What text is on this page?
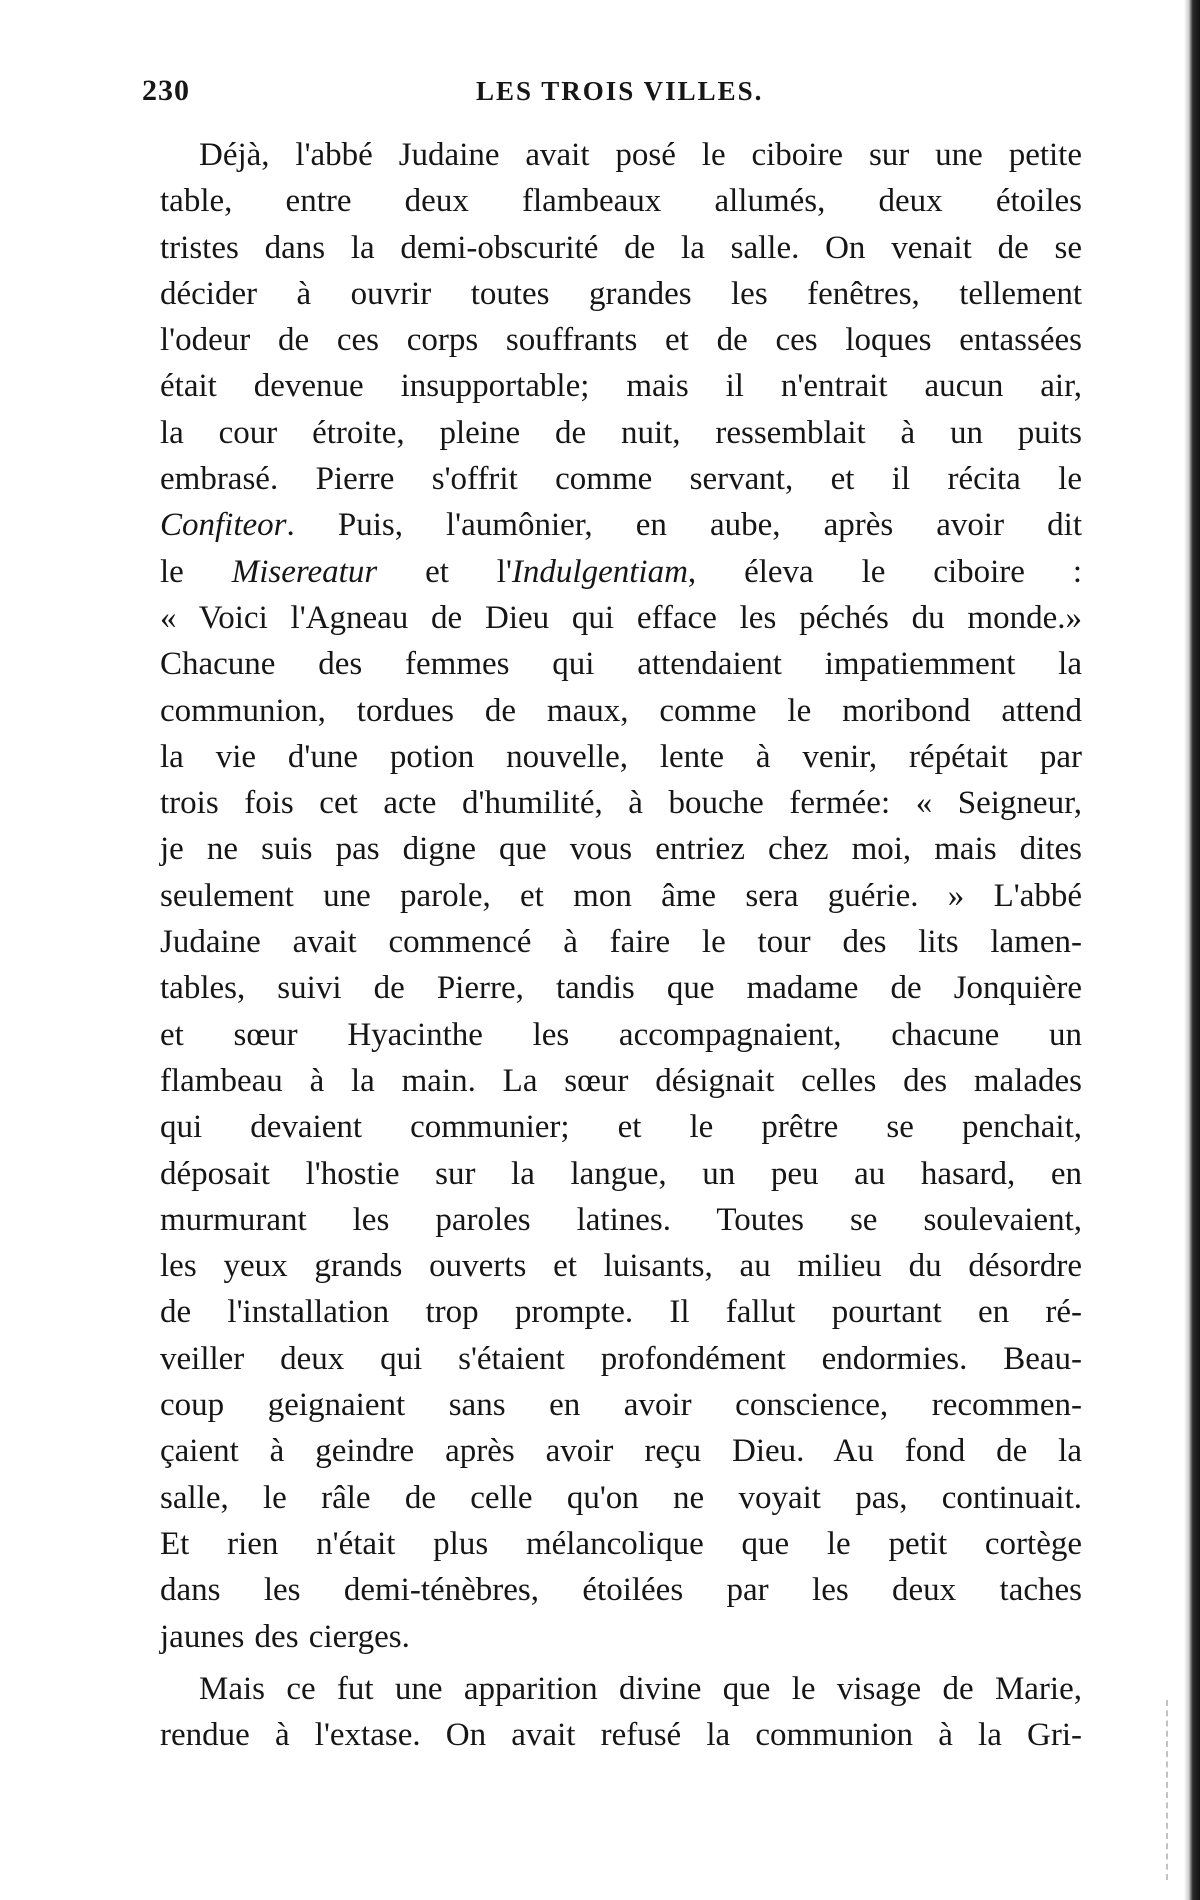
230	LES TROIS VILLES.
Déjà, l'abbé Judaine avait posé le ciboire sur une petite
table, entre deux flambeaux allumés, deux étoiles
tristes dans la demi-obscurité de la salle. On venait de se
décider à ouvrir toutes grandes les fenêtres, tellement
l'odeur de ces corps souffrants et de ces loques entassées
était devenue insupportable; mais il n'entrait aucun air,
la cour étroite, pleine de nuit, ressemblait à un puits
embrasé. Pierre s'offrit comme servant, et il récita le
Confiteor. Puis, l'aumônier, en aube, après avoir dit
le Misereatur et l'Indulgentiam, éleva le ciboire :
« Voici l'Agneau de Dieu qui efface les péchés du monde.»
Chacune des femmes qui attendaient impatiemment la
communion, tordues de maux, comme le moribond attend
la vie d'une potion nouvelle, lente à venir, répétait par
trois fois cet acte d'humilité, à bouche fermée: « Seigneur,
je ne suis pas digne que vous entriez chez moi, mais dites
seulement une parole, et mon âme sera guérie. » L'abbé
Judaine avait commencé à faire le tour des lits lamen-
tables, suivi de Pierre, tandis que madame de Jonquière
et sœur Hyacinthe les accompagnaient, chacune un
flambeau à la main. La sœur désignait celles des malades
qui devaient communier; et le prêtre se penchait,
déposait l'hostie sur la langue, un peu au hasard, en
murmurant les paroles latines. Toutes se soulevaient,
les yeux grands ouverts et luisants, au milieu du désordre
de l'installation trop prompte. Il fallut pourtant en ré-
veiller deux qui s'étaient profondément endormies. Beau-
coup geignaient sans en avoir conscience, recommen-
çaient à geindre après avoir reçu Dieu. Au fond de la
salle, le râle de celle qu'on ne voyait pas, continuait.
Et rien n'était plus mélancolique que le petit cortège
dans les demi-ténèbres, étoilées par les deux taches
jaunes des cierges.
Mais ce fut une apparition divine que le visage de Marie,
rendue à l'extase. On avait refusé la communion à la Gri-
